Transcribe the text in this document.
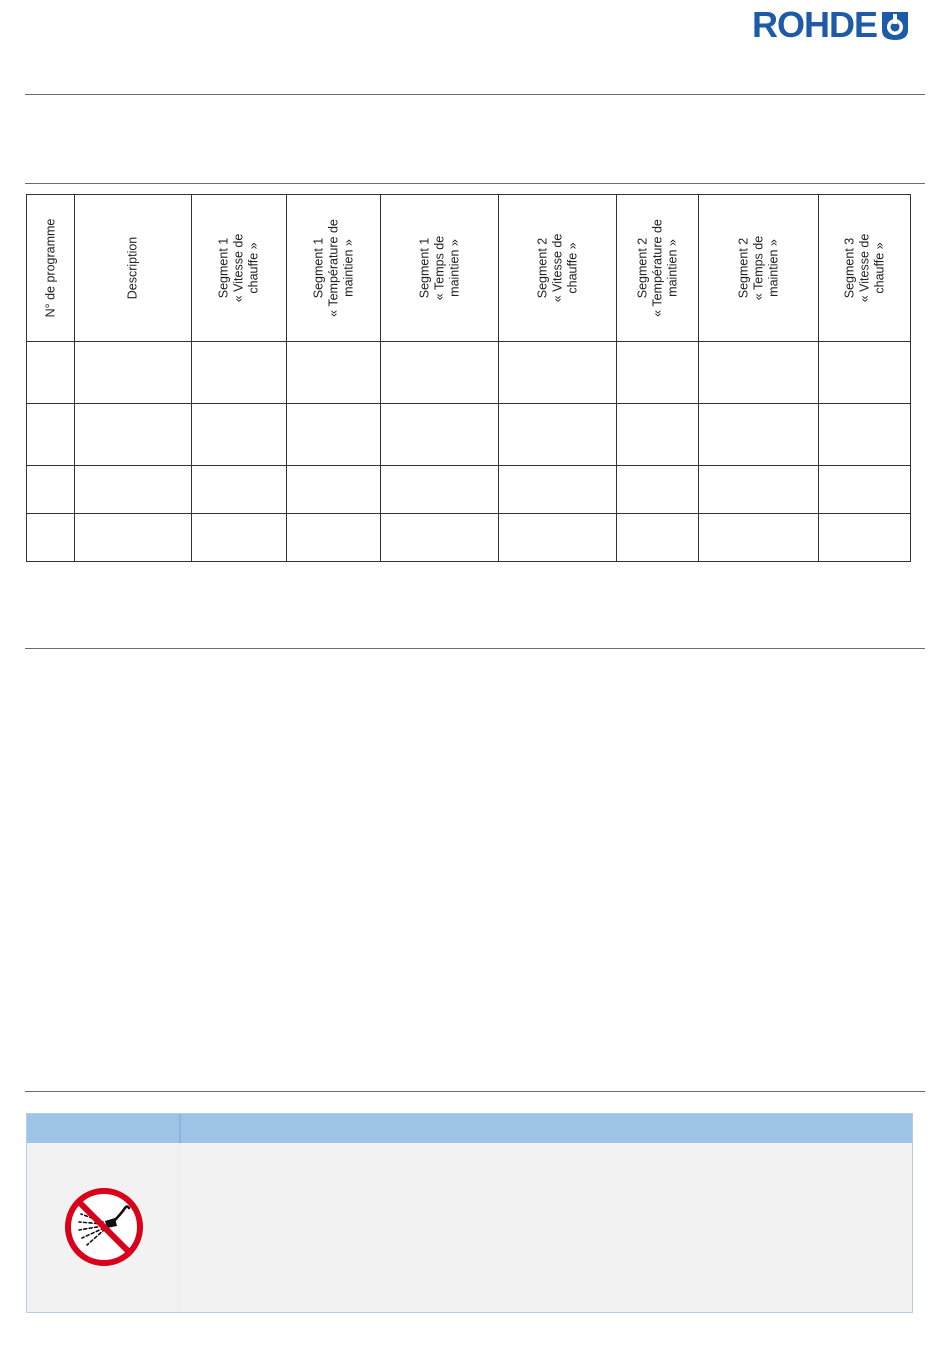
ROHDE
N° de programme	Description	Segment 1 « Vitesse de chauffe »	Segment 1 « Température de maintien »	Segment 1 « Temps de maintien »	Segment 2 « Vitesse de chauffe »	Segment 2 « Température de maintien »	Segment 2 « Temps de maintien »	Segment 3 « Vitesse de chauffe »
